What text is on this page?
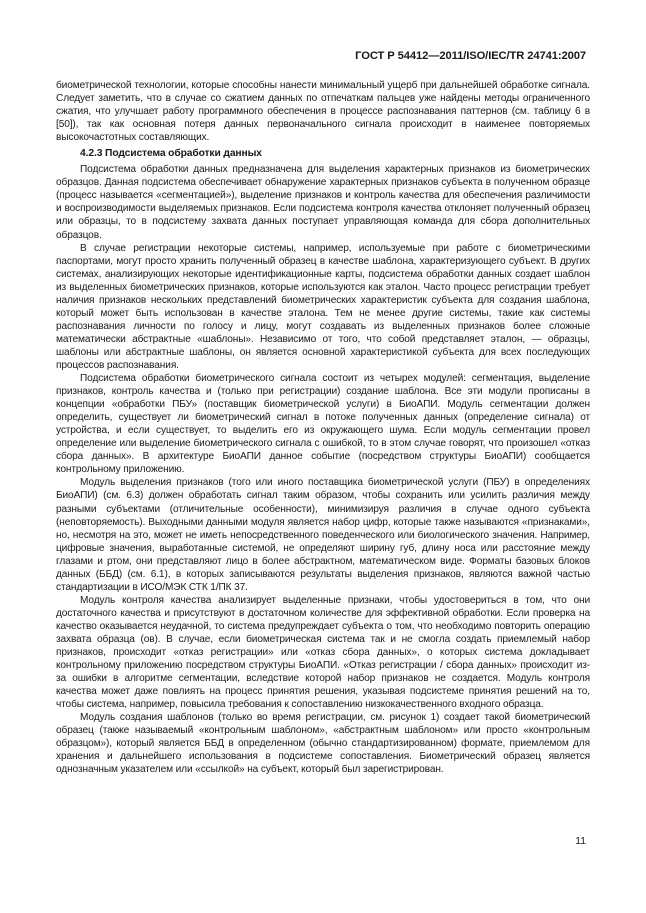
ГОСТ Р 54412—2011/ISO/IEC/TR 24741:2007

биометрической технологии, которые способны нанести минимальный ущерб при дальнейшей обработке сигнала. Следует заметить, что в случае со сжатием данных по отпечаткам пальцев уже найдены методы ограниченного сжатия, что улучшает работу программного обеспечения в процессе распознавания паттернов (см. таблицу 6 в [50]), так как основная потеря данных первоначального сигнала происходит в наименее повторяемых высокочастотных составляющих.

4.2.3 Подсистема обработки данных

Подсистема обработки данных предназначена для выделения характерных признаков из биометрических образцов. Данная подсистема обеспечивает обнаружение характерных признаков субъекта в полученном образце (процесс называется «сегментацией»), выделение признаков и контроль качества для обеспечения различимости и воспроизводимости выделяемых признаков. Если подсистема контроля качества отклоняет полученный образец или образцы, то в подсистему захвата данных поступает управляющая команда для сбора дополнительных образцов.

В случае регистрации некоторые системы, например, используемые при работе с биометрическими паспортами, могут просто хранить полученный образец в качестве шаблона, характеризующего субъект. В других системах, анализирующих некоторые идентификационные карты, подсистема обработки данных создает шаблон из выделенных биометрических признаков, которые используются как эталон. Часто процесс регистрации требует наличия признаков нескольких представлений биометрических характеристик субъекта для создания шаблона, который может быть использован в качестве эталона. Тем не менее другие системы, такие как системы распознавания личности по голосу и лицу, могут создавать из выделенных признаков более сложные математически абстрактные «шаблоны». Независимо от того, что собой представляет эталон, — образцы, шаблоны или абстрактные шаблоны, он является основной характеристикой субъекта для всех последующих процессов распознавания.

Подсистема обработки биометрического сигнала состоит из четырех модулей: сегментация, выделение признаков, контроль качества и (только при регистрации) создание шаблона. Все эти модули прописаны в концепции «обработки ПБУ» (поставщик биометрической услуги) в БиоАПИ. Модуль сегментации должен определить, существует ли биометрический сигнал в потоке полученных данных (определение сигнала) от устройства, и если существует, то выделить его из окружающего шума. Если модуль сегментации провел определение или выделение биометрического сигнала с ошибкой, то в этом случае говорят, что произошел «отказ сбора данных». В архитектуре БиоАПИ данное событие (посредством структуры БиоАПИ) сообщается контрольному приложению.

Модуль выделения признаков (того или иного поставщика биометрической услуги (ПБУ) в определениях БиоАПИ) (см. 6.3) должен обработать сигнал таким образом, чтобы сохранить или усилить различия между разными субъектами (отличительные особенности), минимизируя различия в случае одного субъекта (неповторяемость). Выходными данными модуля является набор цифр, которые также называются «признаками», но, несмотря на это, может не иметь непосредственного поведенческого или биологического значения. Например, цифровые значения, выработанные системой, не определяют ширину губ, длину носа или расстояние между глазами и ртом, они представляют лицо в более абстрактном, математическом виде. Форматы базовых блоков данных (ББД) (см. 6.1), в которых записываются результаты выделения признаков, являются важной частью стандартизации в ИСО/МЭК СТК 1/ПК 37.

Модуль контроля качества анализирует выделенные признаки, чтобы удостовериться в том, что они достаточного качества и присутствуют в достаточном количестве для эффективной обработки. Если проверка на качество оказывается неудачной, то система предупреждает субъекта о том, что необходимо повторить операцию захвата образца (ов). В случае, если биометрическая система так и не смогла создать приемлемый набор признаков, происходит «отказ регистрации» или «отказ сбора данных», о которых система докладывает контрольному приложению посредством структуры БиоАПИ. «Отказ регистрации / сбора данных» происходит из-за ошибки в алгоритме сегментации, вследствие которой набор признаков не создается. Модуль контроля качества может даже повлиять на процесс принятия решения, указывая подсистеме принятия решений на то, чтобы система, например, повысила требования к сопоставлению низкокачественного входного образца.

Модуль создания шаблонов (только во время регистрации, см. рисунок 1) создает такой биометрический образец (также называемый «контрольным шаблоном», «абстрактным шаблоном» или просто «контрольным образцом»), который является ББД в определенном (обычно стандартизированном) формате, приемлемом для хранения и дальнейшего использования в подсистеме сопоставления. Биометрический образец является однозначным указателем или «ссылкой» на субъект, который был зарегистрирован.

11
